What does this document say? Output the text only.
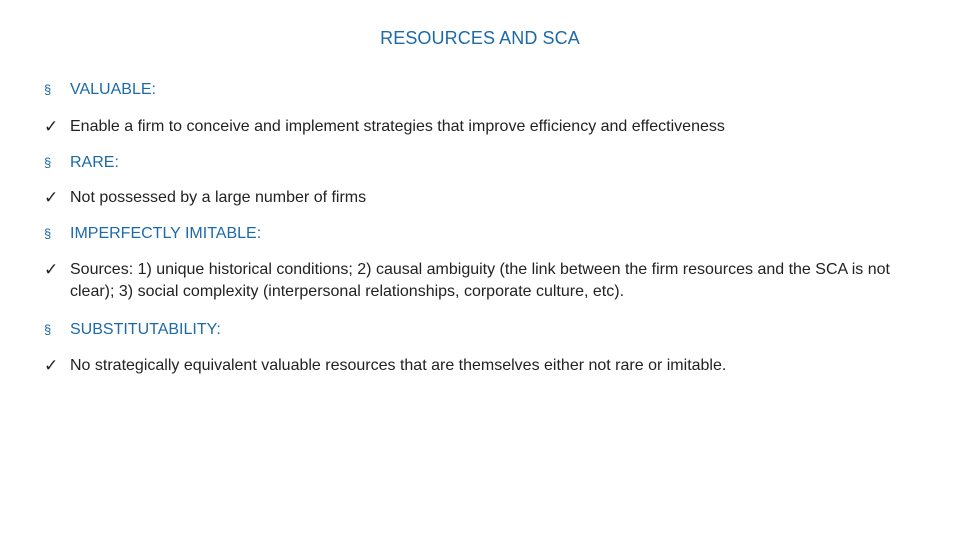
RESOURCES AND SCA
§	VALUABLE:
✓ Enable a firm to conceive and implement strategies that improve efficiency and effectiveness
§	RARE:
✓ Not possessed by a large number of firms
§	IMPERFECTLY IMITABLE:
✓ Sources: 1) unique historical conditions; 2) causal ambiguity (the link between the firm resources and the SCA is not clear); 3) social complexity (interpersonal relationships, corporate culture, etc).
§	SUBSTITUTABILITY:
✓ No strategically equivalent valuable resources that are themselves either not rare or imitable.
